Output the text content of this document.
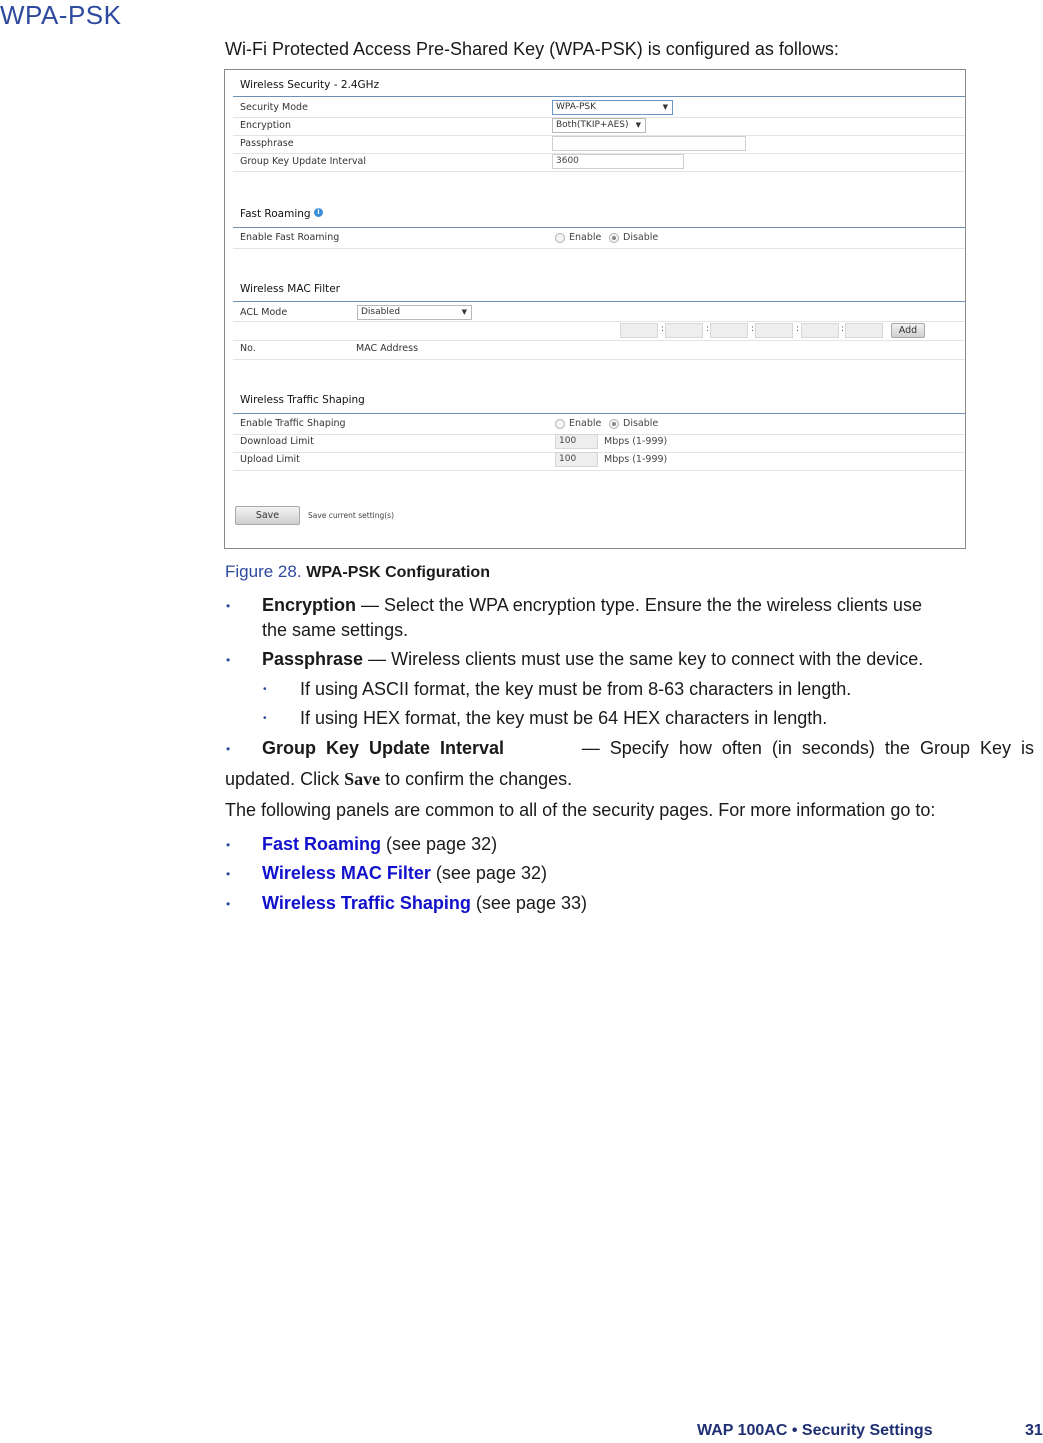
WPA-PSK
Wi-Fi Protected Access Pre-Shared Key (WPA-PSK) is configured as follows:
Wireless Security - 2.4GHz
Security Mode	WPA-PSK	▼
Encryption	Both(TKIP+AES) ▼
Passphrase
Group Key Update Interval	3600
Fast Roaming i
Enable Fast Roaming	Enable Disable
Wireless MAC Filter
ACL Mode	Disabled	▼
:	:	:	:	:	Add
No.	MAC Address
Wireless Traffic Shaping
Enable Traffic Shaping	Enable Disable
Download Limit	100	Mbps (1-999)
Upload Limit	100	Mbps (1-999)
Save	Save current setting(s)
Figure 28. WPA-PSK Configuration
• Encryption — Select the WPA encryption type. Ensure the the wireless clients use
the same settings.
• Passphrase — Wireless clients must use the same key to connect with the device.
• If using ASCII format, the key must be from 8-63 characters in length.
• If using HEX format, the key must be 64 HEX characters in length.
• Group  Key  Update  Interval	—  Specify  how  often  (in  seconds)  the  Group  Key  is
updated. Click Save to confirm the changes.
The following panels are common to all of the security pages. For more information go to:
• Fast Roaming (see page 32)
• Wireless MAC Filter (see page 32)
• Wireless Traffic Shaping (see page 33)
WAP 100AC • Security Settings	31
